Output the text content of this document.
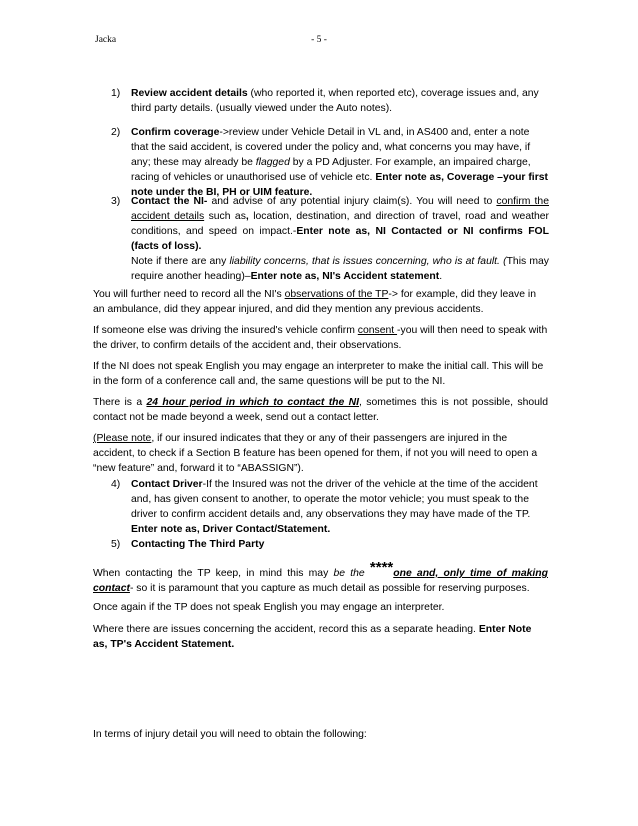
Jacka	- 5 -
1) Review accident details (who reported it, when reported etc), coverage issues and, any third party details. (usually viewed under the Auto notes).
2) Confirm coverage->review under Vehicle Detail in VL and, in AS400 and, enter a note that the said accident, is covered under the policy and, what concerns you may have, if any; these may already be flagged by a PD Adjuster. For example, an impaired charge, racing of vehicles or unauthorised use of vehicle etc. Enter note as, Coverage –your first note under the BI, PH or UIM feature.
3) Contact the NI- and advise of any potential injury claim(s). You will need to confirm the accident details such as, location, destination, and direction of travel, road and weather conditions, and speed on impact.-Enter note as, NI Contacted or NI confirms FOL (facts of loss).
Note if there are any liability concerns, that is issues concerning, who is at fault. (This may require another heading)–Enter note as, NI's Accident statement.
You will further need to record all the NI's observations of the TP-> for example, did they leave in an ambulance, did they appear injured, and did they mention any previous accidents.
If someone else was driving the insured's vehicle confirm consent -you will then need to speak with the driver, to confirm details of the accident and, their observations.
If the NI does not speak English you may engage an interpreter to make the initial call. This will be in the form of a conference call and, the same questions will be put to the NI.
There is a 24 hour period in which to contact the NI, sometimes this is not possible, should contact not be made beyond a week, send out a contact letter.
(Please note, if our insured indicates that they or any of their passengers are injured in the accident, to check if a Section B feature has been opened for them, if not you will need to open a “new feature” and, forward it to “ABASSIGN”).
4) Contact Driver-If the Insured was not the driver of the vehicle at the time of the accident and, has given consent to another, to operate the motor vehicle; you must speak to the driver to confirm accident details and, any observations they may have made of the TP.
Enter note as, Driver Contact/Statement.
5) Contacting The Third Party
When contacting the TP keep, in mind this may be the ****one and, only time of making contact- so it is paramount that you capture as much detail as possible for reserving purposes.
Once again if the TP does not speak English you may engage an interpreter.
Where there are issues concerning the accident, record this as a separate heading. Enter Note as, TP's Accident Statement.
In terms of injury detail you will need to obtain the following:
